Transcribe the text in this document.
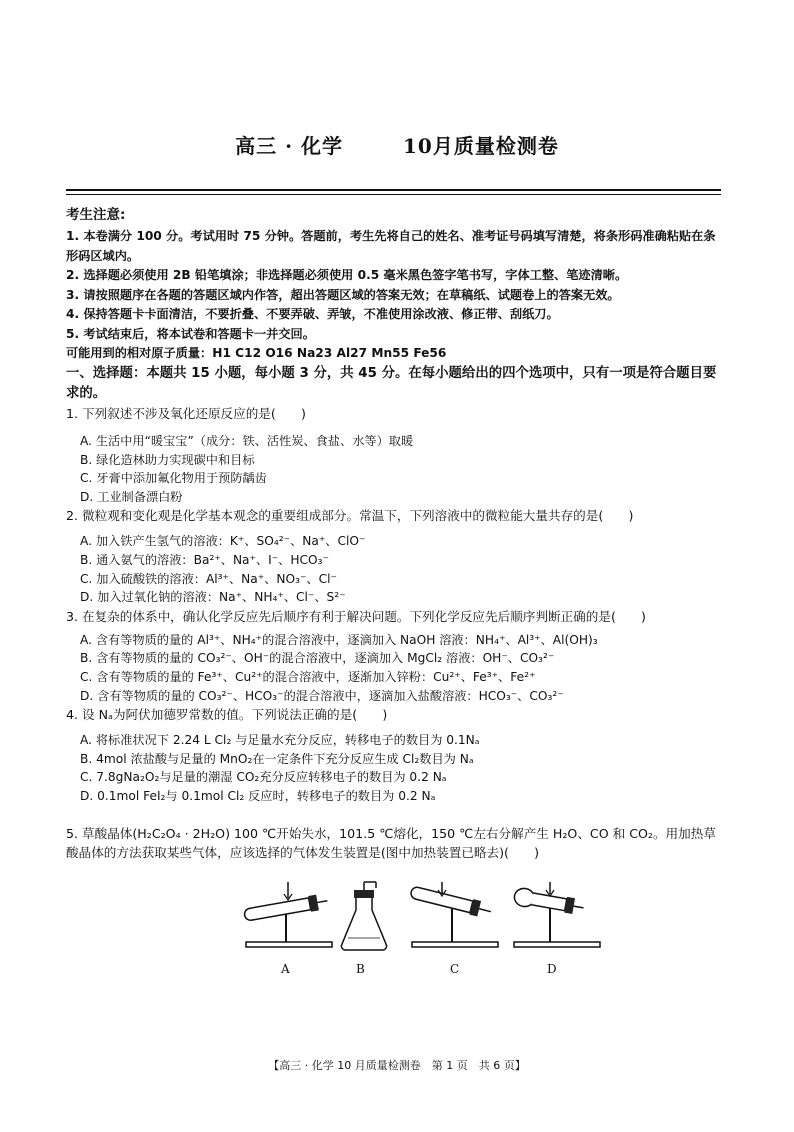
高三 · 化学	10月质量检测卷
考生注意:

1. 本卷满分 100 分。考试用时 75 分钟。答题前，考生先将自己的姓名、准考证号码填写清楚，将条形码准确粘贴在条形码区域内。

2. 选择题必须使用 2B 铅笔填涂；非选择题必须使用 0.5 毫米黑色签字笔书写，字体工整、笔迹清晰。

3. 请按照题序在各题的答题区域内作答，超出答题区域的答案无效；在草稿纸、试题卷上的答案无效。

4. 保持答题卡卡面清洁，不要折叠、不要弄破、弄皱，不准使用涂改液、修正带、刮纸刀。

5. 考试结束后，将本试卷和答题卡一并交回。

可能用到的相对原子质量：H1 C12 O16 Na23 Al27 Mn55 Fe56

一、选择题：本题共 15 小题，每小题 3 分，共 45 分。在每小题给出的四个选项中，只有一项是符合题目要求的。

1. 下列叙述不涉及氧化还原反应的是(　　)

A. 生活中用“暖宝宝”（成分：铁、活性炭、食盐、水等）取暖

B. 绿化造林助力实现碳中和目标

C. 牙膏中添加氟化物用于预防龋齿

D. 工业制备漂白粉

2. 微粒观和变化观是化学基本观念的重要组成部分。常温下，下列溶液中的微粒能大量共存的是(　　)

A. 加入铁产生氢气的溶液：K⁺、SO₄²⁻、Na⁺、ClO⁻

B. 通入氨气的溶液：Ba²⁺、Na⁺、I⁻、HCO₃⁻

C. 加入硫酸铁的溶液：Al³⁺、Na⁺、NO₃⁻、Cl⁻

D. 加入过氧化钠的溶液：Na⁺、NH₄⁺、Cl⁻、S²⁻

3. 在复杂的体系中，确认化学反应先后顺序有利于解决问题。下列化学反应先后顺序判断正确的是(　　)

A. 含有等物质的量的 Al³⁺、NH₄⁺的混合溶液中，逐滴加入 NaOH 溶液：NH₄⁺、Al³⁺、Al(OH)₃

B. 含有等物质的量的 CO₃²⁻、OH⁻的混合溶液中，逐滴加入 MgCl₂ 溶液：OH⁻、CO₃²⁻

C. 含有等物质的量的 Fe³⁺、Cu²⁺的混合溶液中，逐渐加入锌粉：Cu²⁺、Fe³⁺、Fe²⁺

D. 含有等物质的量的 CO₃²⁻、HCO₃⁻的混合溶液中，逐滴加入盐酸溶液：HCO₃⁻、CO₃²⁻

4. 设 Nₐ为阿伏加德罗常数的值。下列说法正确的是(　　)

A. 将标准状况下 2.24 L Cl₂ 与足量水充分反应，转移电子的数目为 0.1Nₐ

B. 4mol 浓盐酸与足量的 MnO₂在一定条件下充分反应生成 Cl₂数目为 Nₐ

C. 7.8gNa₂O₂与足量的潮湿 CO₂充分反应转移电子的数目为 0.2 Nₐ

D. 0.1mol FeI₂与 0.1mol Cl₂ 反应时，转移电子的数目为 0.2 Nₐ

5. 草酸晶体(H₂C₂O₄ · 2H₂O) 100 ℃开始失水，101.5 ℃熔化，150 ℃左右分解产生 H₂O、CO 和 CO₂。用加热草酸晶体的方法获取某些气体，应该选择的气体发生装置是(图中加热装置已略去)(　　)

A	B	C	D
【高三 · 化学 10 月质量检测卷　第 1 页　共 6 页】
